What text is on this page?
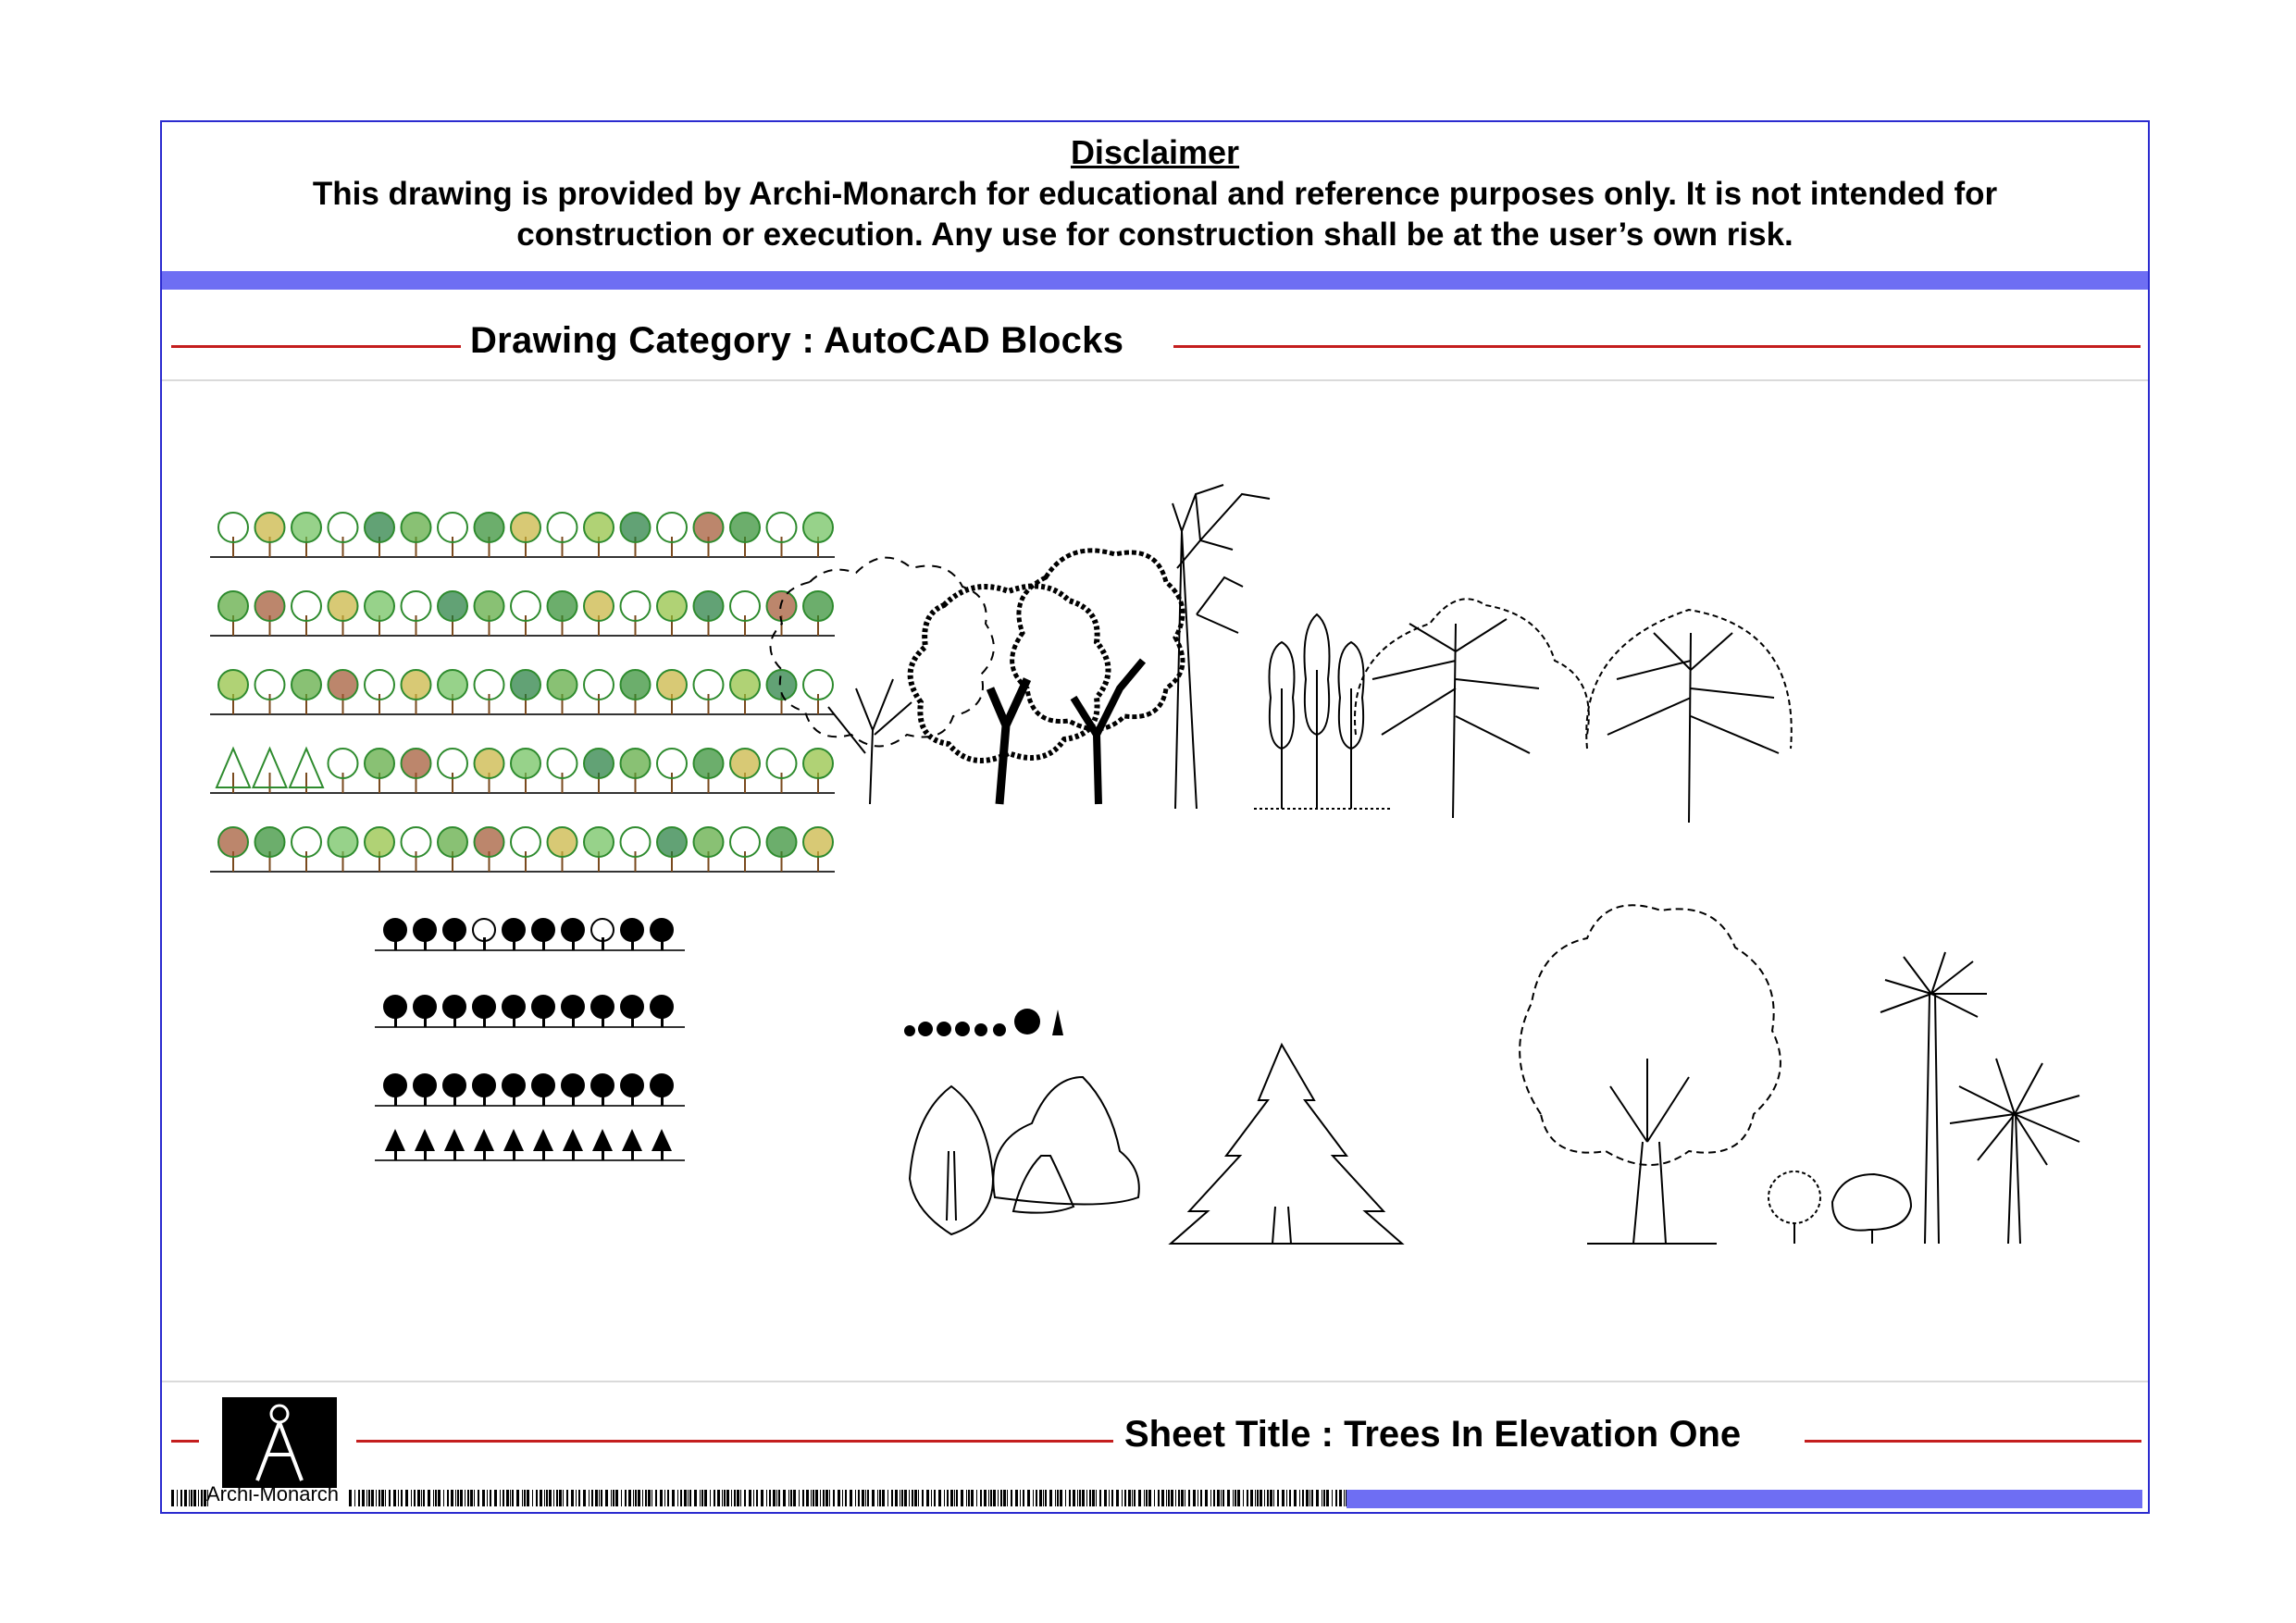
Disclaimer
This drawing is provided by Archi-Monarch for educational and reference purposes only. It is not intended for construction or execution. Any use for construction shall be at the user’s own risk.
Drawing Category : AutoCAD Blocks
Sheet Title : Trees In Elevation One
Archi-Monarch
